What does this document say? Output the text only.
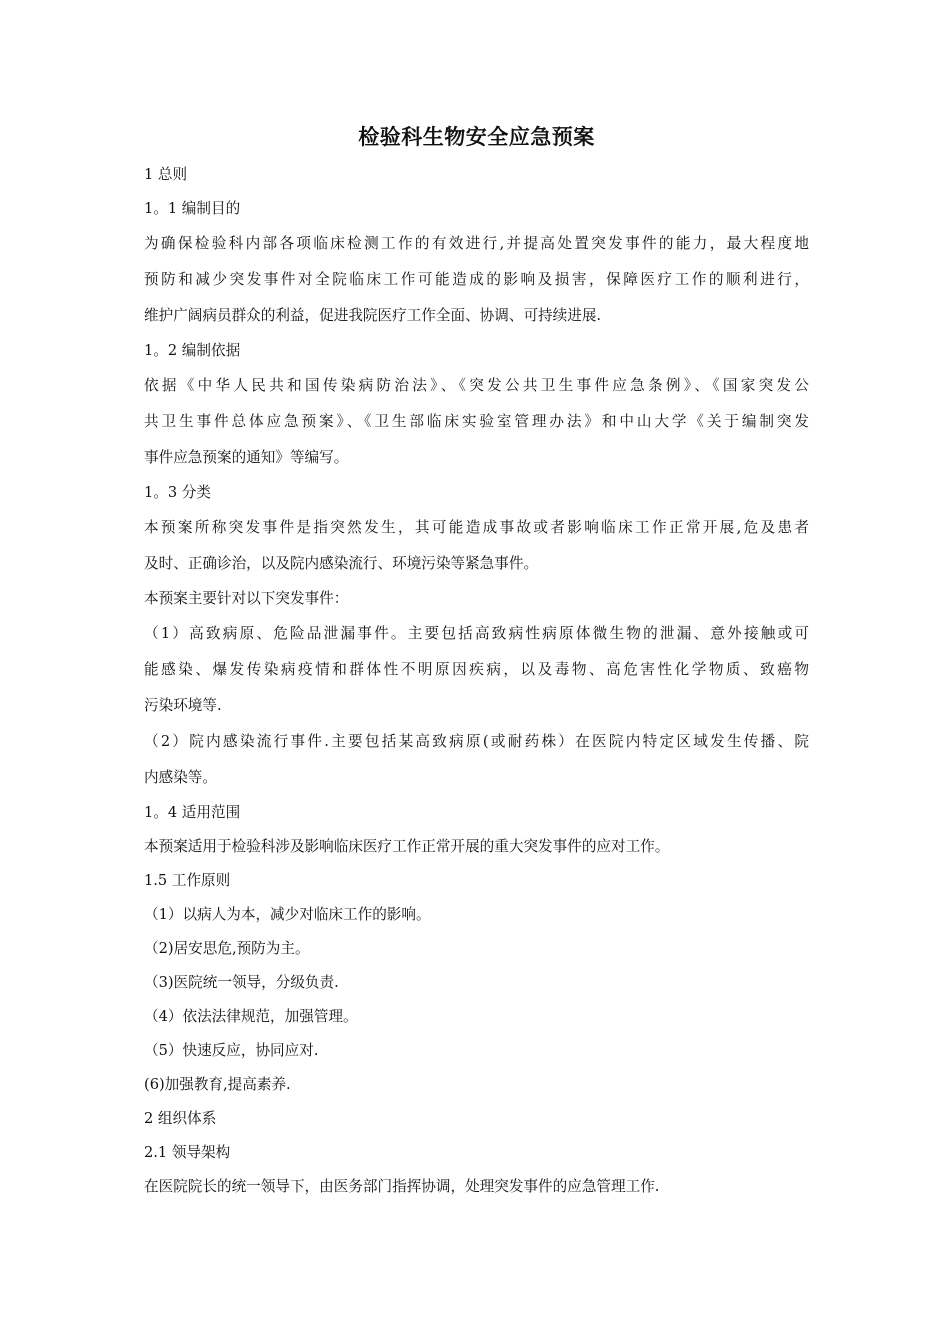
检验科生物安全应急预案
1 总则
1。1 编制目的
为确保检验科内部各项临床检测工作的有效进行,并提高处置突发事件的能力，最大程度地
预防和减少突发事件对全院临床工作可能造成的影响及损害，保障医疗工作的顺利进行，
维护广阔病员群众的利益，促进我院医疗工作全面、协调、可持续进展.
1。2 编制依据
依据《中华人民共和国传染病防治法》、《突发公共卫生事件应急条例》、《国家突发公
共卫生事件总体应急预案》、《卫生部临床实验室管理办法》和中山大学《关于编制突发
事件应急预案的通知》等编写。
1。3 分类
本预案所称突发事件是指突然发生，其可能造成事故或者影响临床工作正常开展,危及患者
及时、正确诊治，以及院内感染流行、环境污染等紧急事件。
本预案主要针对以下突发事件：
（1）高致病原、危险品泄漏事件。主要包括高致病性病原体微生物的泄漏、意外接触或可
能感染、爆发传染病疫情和群体性不明原因疾病，以及毒物、高危害性化学物质、致癌物
污染环境等.
（2）院内感染流行事件.主要包括某高致病原(或耐药株）在医院内特定区域发生传播、院
内感染等。
1。4 适用范围
本预案适用于检验科涉及影响临床医疗工作正常开展的重大突发事件的应对工作。
1.5 工作原则
（1）以病人为本，减少对临床工作的影响。
（2)居安思危,预防为主。
（3)医院统一领导，分级负责.
（4）依法法律规范，加强管理。
（5）快速反应，协同应对.
(6)加强教育,提高素养.
2 组织体系
2.1 领导架构
在医院院长的统一领导下，由医务部门指挥协调，处理突发事件的应急管理工作.
